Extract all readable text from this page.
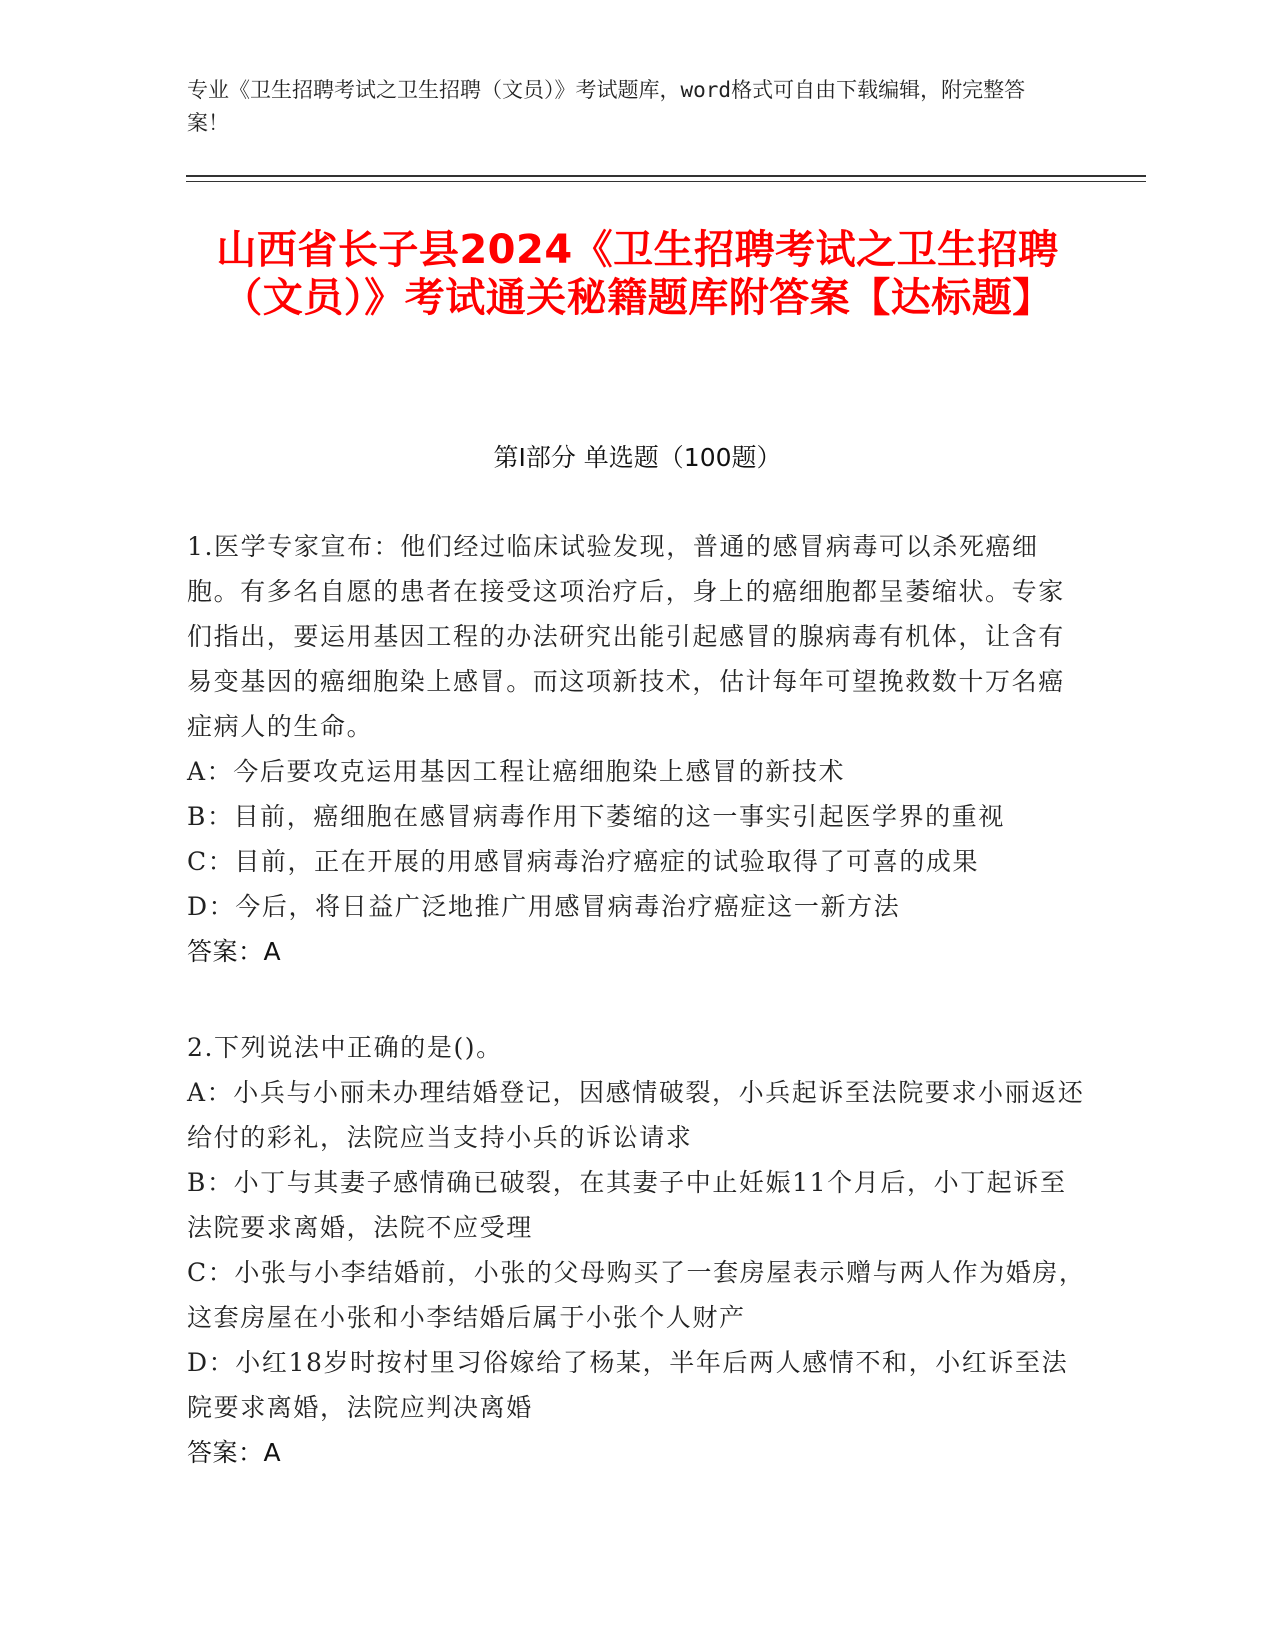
专业《卫生招聘考试之卫生招聘（文员）》考试题库，word格式可自由下载编辑，附完整答案！
山西省长子县2024《卫生招聘考试之卫生招聘（文员）》考试通关秘籍题库附答案【达标题】
第Ⅰ部分 单选题（100题）

1.医学专家宣布：他们经过临床试验发现，普通的感冒病毒可以杀死癌细胞。有多名自愿的患者在接受这项治疗后，身上的癌细胞都呈萎缩状。专家们指出，要运用基因工程的办法研究出能引起感冒的腺病毒有机体，让含有易变基因的癌细胞染上感冒。而这项新技术，估计每年可望挽救数十万名癌症病人的生命。

A：今后要攻克运用基因工程让癌细胞染上感冒的新技术

B：目前，癌细胞在感冒病毒作用下萎缩的这一事实引起医学界的重视

C：目前，正在开展的用感冒病毒治疗癌症的试验取得了可喜的成果

D：今后，将日益广泛地推广用感冒病毒治疗癌症这一新方法

答案：A

2.下列说法中正确的是()。

A：小兵与小丽未办理结婚登记，因感情破裂，小兵起诉至法院要求小丽返还给付的彩礼，法院应当支持小兵的诉讼请求

B：小丁与其妻子感情确已破裂，在其妻子中止妊娠11个月后，小丁起诉至法院要求离婚，法院不应受理

C：小张与小李结婚前，小张的父母购买了一套房屋表示赠与两人作为婚房，这套房屋在小张和小李结婚后属于小张个人财产

D：小红18岁时按村里习俗嫁给了杨某，半年后两人感情不和，小红诉至法院要求离婚，法院应判决离婚

答案：A
